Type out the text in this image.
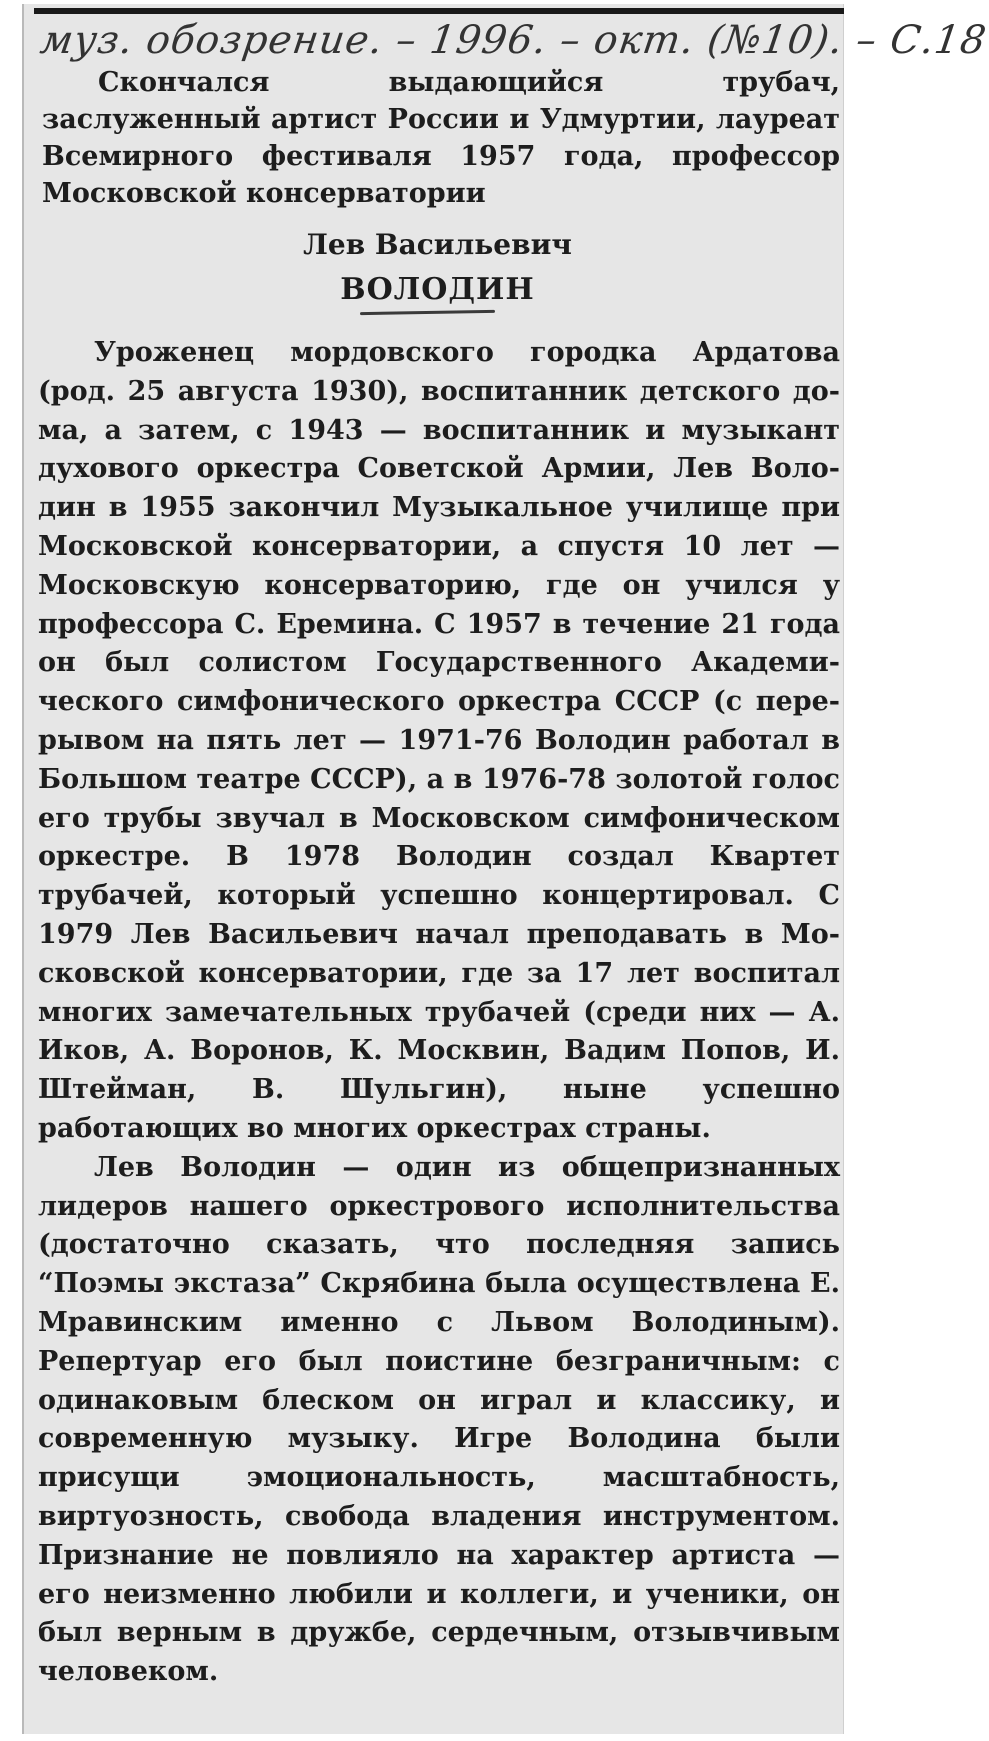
муз. обозрение. – 1996. – окт. (№10). – С.18
Скончался выдающийся трубач, заслуженный артист России и Удмуртии, лауреат Всемирного фестиваля 1957 года, профессор Московской консерватории
Лев Васильевич
ВОЛОДИН

Уроженец мордовского городка Ардатова (род. 25 августа 1930), воспитанник детского дома, а затем, с 1943 — воспитанник и музыкант духового оркестра Советской Армии, Лев Володин в 1955 закончил Музыкальное училище при Московской консерватории, а спустя 10 лет — Московскую консерваторию, где он учился у профессора С. Еремина. С 1957 в течение 21 года он был солистом Государственного Академического симфонического оркестра СССР (с перерывом на пять лет — 1971-76 Володин работал в Большом театре СССР), а в 1976-78 золотой голос его трубы звучал в Московском симфоническом оркестре. В 1978 Володин создал Квартет трубачей, который успешно концертировал. С 1979 Лев Васильевич начал преподавать в Московской консерватории, где за 17 лет воспитал многих замечательных трубачей (среди них — А. Иков, А. Воронов, К. Москвин, Вадим Попов, И. Штейман, В. Шульгин), ныне успешно работающих во многих оркестрах страны.

Лев Володин — один из общепризнанных лидеров нашего оркестрового исполнительства (достаточно сказать, что последняя запись “Поэмы экстаза” Скрябина была осуществлена Е. Мравинским именно с Львом Володиным). Репертуар его был поистине безграничным: с одинаковым блеском он играл и классику, и современную музыку. Игре Володина были присущи эмоциональность, масштабность, виртуозность, свобода владения инструментом. Признание не повлияло на характер артиста — его неизменно любили и коллеги, и ученики, он был верным в дружбе, сердечным, отзывчивым человеком.
